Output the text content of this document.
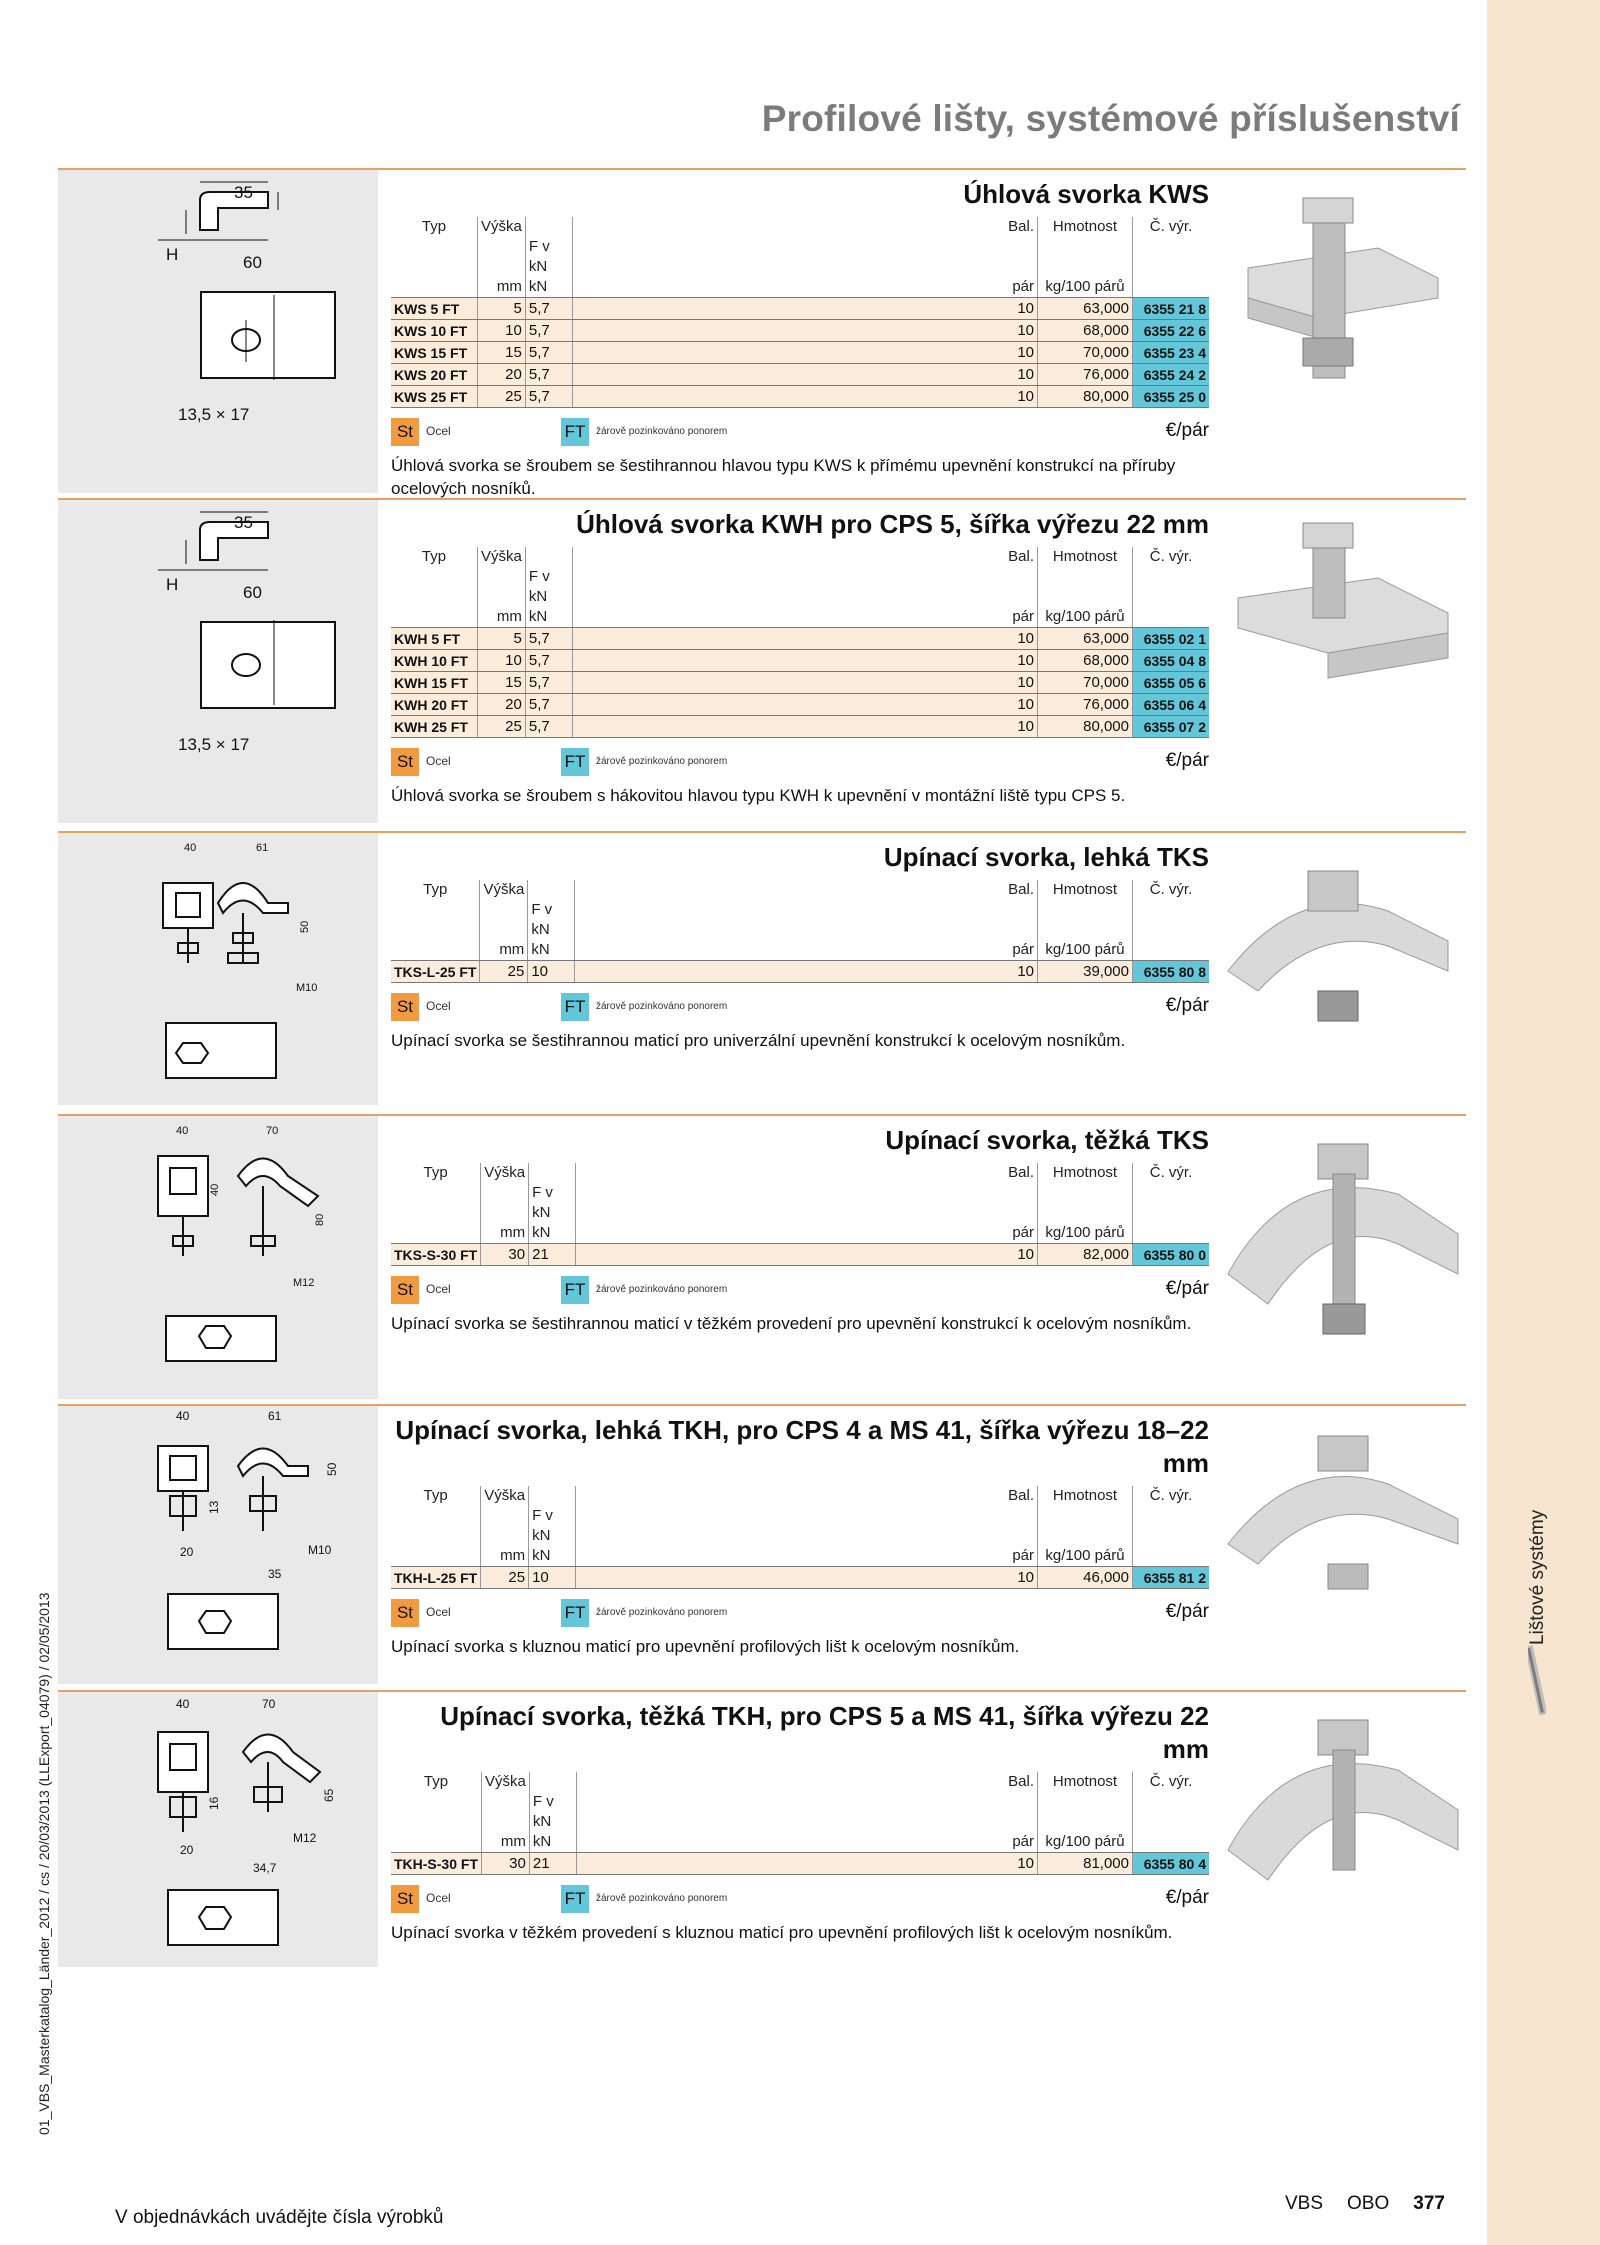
Lištové systémy
01_VBS_Masterkatalog_Länder_2012 / cs / 20/03/2013 (LLExport_04079) / 02/05/2013
Profilové lišty, systémové příslušenství
35
60
H
13,5 × 17
Úhlová svorka KWS
Typ	Výška			Bal.	Hmotnost	Č. výr.
		F v kN				
	mm	kN		pár	kg/100 párů	
KWS 5 FT	5	5,7		10	63,000	6355 21 8
KWS 10 FT	10	5,7		10	68,000	6355 22 6
KWS 15 FT	15	5,7		10	70,000	6355 23 4
KWS 20 FT	20	5,7		10	76,000	6355 24 2
KWS 25 FT	25	5,7		10	80,000	6355 25 0
St	Ocel	FT	žárově pozinkováno ponorem	€/pár
Úhlová svorka se šroubem se šestihrannou hlavou typu KWS k přímému upevnění konstrukcí na příruby ocelových nosníků.
35
60
H
13,5 × 17
Úhlová svorka KWH pro CPS 5, šířka výřezu 22 mm
Typ	Výška			Bal.	Hmotnost	Č. výr.
		F v kN				
	mm	kN		pár	kg/100 párů	
KWH 5 FT	5	5,7		10	63,000	6355 02 1
KWH 10 FT	10	5,7		10	68,000	6355 04 8
KWH 15 FT	15	5,7		10	70,000	6355 05 6
KWH 20 FT	20	5,7		10	76,000	6355 06 4
KWH 25 FT	25	5,7		10	80,000	6355 07 2
St	Ocel	FT	žárově pozinkováno ponorem	€/pár
Úhlová svorka se šroubem s hákovitou hlavou typu KWH k upevnění v montážní liště typu CPS 5.
40	61
50
M10
Upínací svorka, lehká TKS
Typ	Výška			Bal.	Hmotnost	Č. výr.
		F v kN				
	mm	kN		pár	kg/100 párů	
TKS-L-25 FT	25	10		10	39,000	6355 80 8
St	Ocel	FT	žárově pozinkováno ponorem	€/pár
Upínací svorka se šestihrannou maticí pro univerzální upevnění konstrukcí k ocelovým nosníkům.
40	70
40
80
M12
Upínací svorka, těžká TKS
Typ	Výška			Bal.	Hmotnost	Č. výr.
		F v kN				
	mm	kN		pár	kg/100 párů	
TKS-S-30 FT	30	21		10	82,000	6355 80 0
St	Ocel	FT	žárově pozinkováno ponorem	€/pár
Upínací svorka se šestihrannou maticí v těžkém provedení pro upevnění konstrukcí k ocelovým nosníkům.
40	61
50
13
M10
20
35
Upínací svorka, lehká TKH, pro CPS 4 a MS 41, šířka výřezu 18–22 mm
Typ	Výška			Bal.	Hmotnost	Č. výr.
		F v kN				
	mm	kN		pár	kg/100 párů	
TKH-L-25 FT	25	10		10	46,000	6355 81 2
St	Ocel	FT	žárově pozinkováno ponorem	€/pár
Upínací svorka s kluznou maticí pro upevnění profilových lišt k ocelovým nosníkům.
40	70
65
16
M12
20
34,7
Upínací svorka, těžká TKH, pro CPS 5 a MS 41, šířka výřezu 22 mm
Typ	Výška			Bal.	Hmotnost	Č. výr.
		F v kN				
	mm	kN		pár	kg/100 párů	
TKH-S-30 FT	30	21		10	81,000	6355 80 4
St	Ocel	FT	žárově pozinkováno ponorem	€/pár
Upínací svorka v těžkém provedení s kluznou maticí pro upevnění profilových lišt k ocelovým nosníkům.
V objednávkách uvádějte čísla výrobků
VBS OBO 377
